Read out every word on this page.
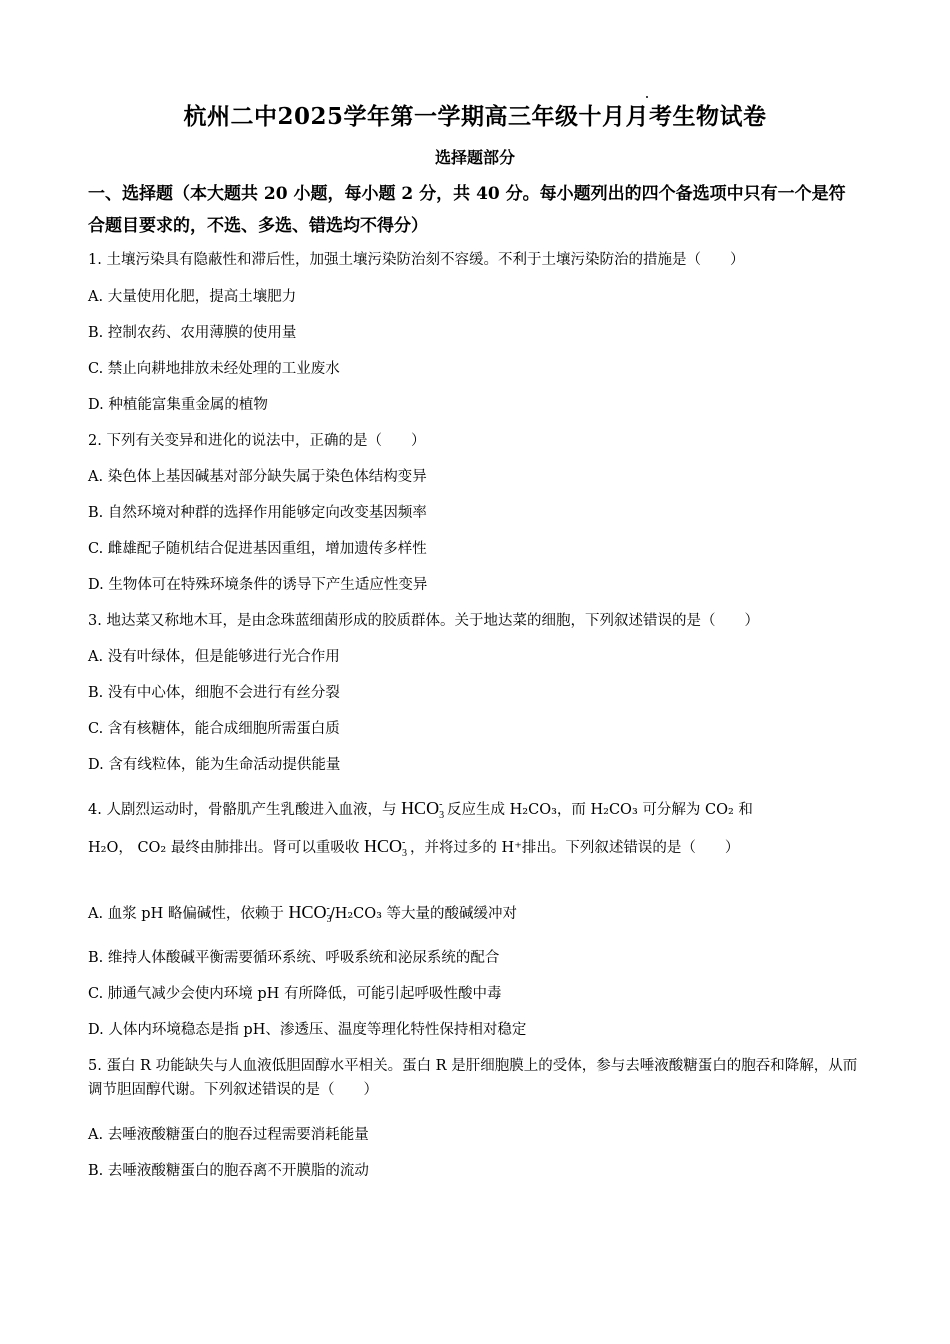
杭州二中2025学年第一学期高三年级十月月考生物试卷
选择题部分
一、选择题（本大题共 20 小题，每小题 2 分，共 40 分。每小题列出的四个备选项中只有一个是符合题目要求的，不选、多选、错选均不得分）
1. 土壤污染具有隐蔽性和滞后性，加强土壤污染防治刻不容缓。不利于土壤污染防治的措施是（　　）
A. 大量使用化肥，提高土壤肥力
B. 控制农药、农用薄膜的使用量
C. 禁止向耕地排放未经处理的工业废水
D. 种植能富集重金属的植物
2. 下列有关变异和进化的说法中，正确的是（　　）
A. 染色体上基因碱基对部分缺失属于染色体结构变异
B. 自然环境对种群的选择作用能够定向改变基因频率
C. 雌雄配子随机结合促进基因重组，增加遗传多样性
D. 生物体可在特殊环境条件的诱导下产生适应性变异
3. 地达菜又称地木耳，是由念珠蓝细菌形成的胶质群体。关于地达菜的细胞，下列叙述错误的是（　　）
A. 没有叶绿体，但是能够进行光合作用
B. 没有中心体，细胞不会进行有丝分裂
C. 含有核糖体，能合成细胞所需蛋白质
D. 含有线粒体，能为生命活动提供能量
4. 人剧烈运动时，骨骼肌产生乳酸进入血液，与 $HCO_3^-$ 反应生成 H₂CO₃，而 H₂CO₃ 可分解为 CO₂ 和
H₂O， CO₂ 最终由肺排出。肾可以重吸收 $HCO_3^-$ ，并将过多的 H⁺排出。下列叙述错误的是（　　）
A. 血浆 pH 略偏碱性，依赖于 $HCO_3^-$/H₂CO₃ 等大量的酸碱缓冲对
B. 维持人体酸碱平衡需要循环系统、呼吸系统和泌尿系统的配合
C. 肺通气减少会使内环境 pH 有所降低，可能引起呼吸性酸中毒
D. 人体内环境稳态是指 pH、渗透压、温度等理化特性保持相对稳定
5. 蛋白 R 功能缺失与人血液低胆固醇水平相关。蛋白 R 是肝细胞膜上的受体，参与去唾液酸糖蛋白的胞吞和降解，从而调节胆固醇代谢。下列叙述错误的是（　　）
A. 去唾液酸糖蛋白的胞吞过程需要消耗能量
B. 去唾液酸糖蛋白的胞吞离不开膜脂的流动
